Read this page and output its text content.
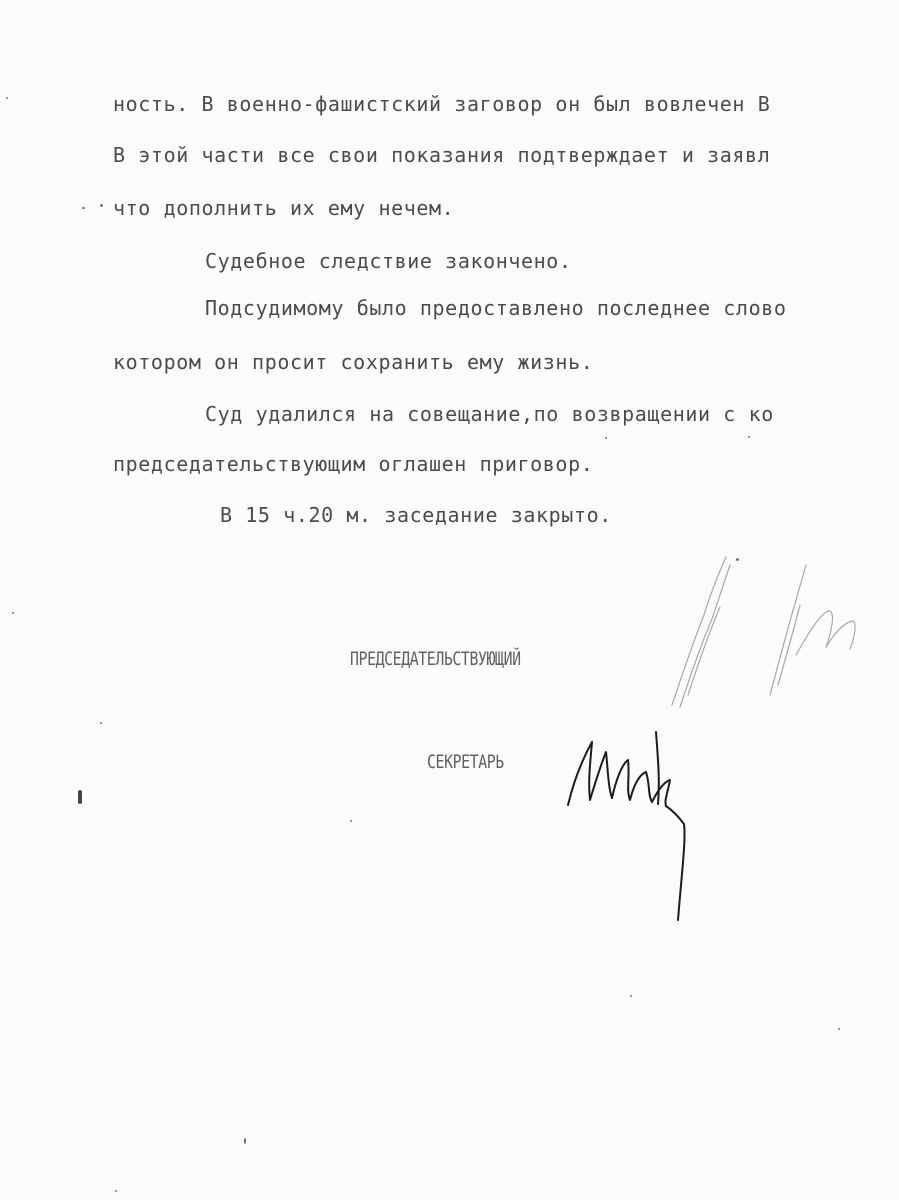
ность. В военно-фашистский заговор он был вовлечен В
В этой части все свои показания подтверждает и заявл
что дополнить их ему нечем.
Судебное следствие закончено.
Подсудимому было предоставлено последнее слово
котором он просит сохранить ему жизнь.
Суд удалился на совещание,по возвращении с ко
председательствующим оглашен приговор.
В 15 ч.20 м. заседание закрыто.
ПРЕДСЕДАТЕЛЬСТВУЮЩИЙ
СЕКРЕТАРЬ
